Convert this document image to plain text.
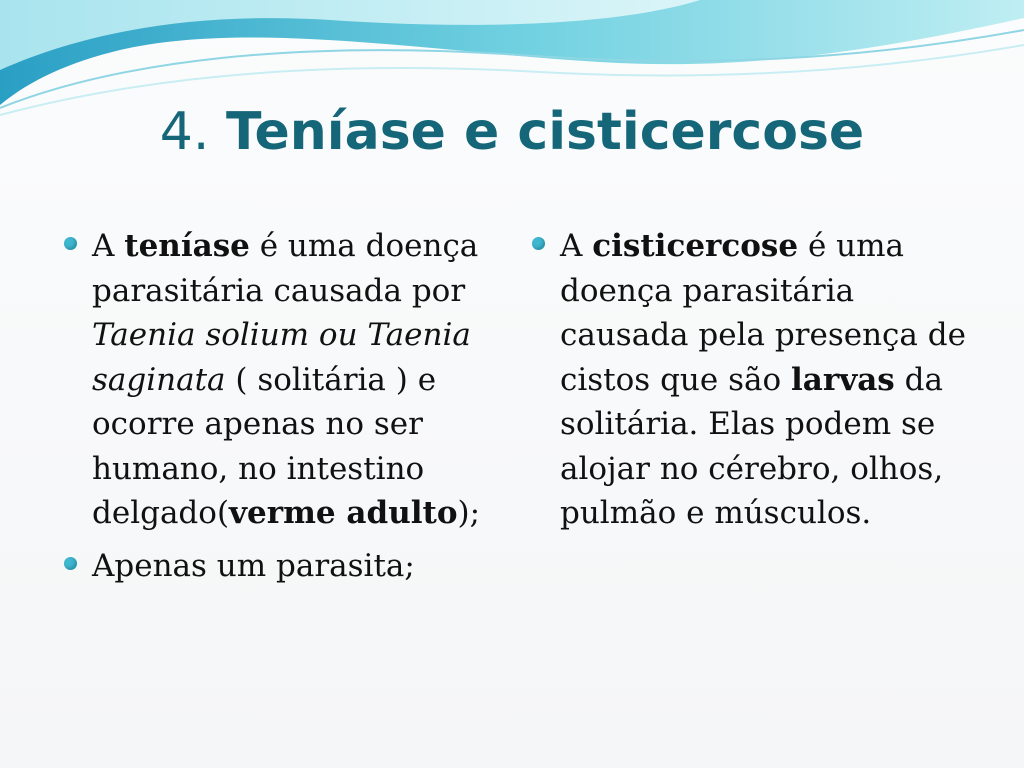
4. Teníase e cisticercose
A teníase é uma doença parasitária causada por Taenia solium ou Taenia saginata ( solitária ) e ocorre apenas no ser humano, no intestino delgado(verme adulto);
Apenas um parasita;
A cisticercose é uma doença parasitária causada pela presença de cistos que são larvas da solitária. Elas podem se alojar no cérebro, olhos, pulmão e músculos.
